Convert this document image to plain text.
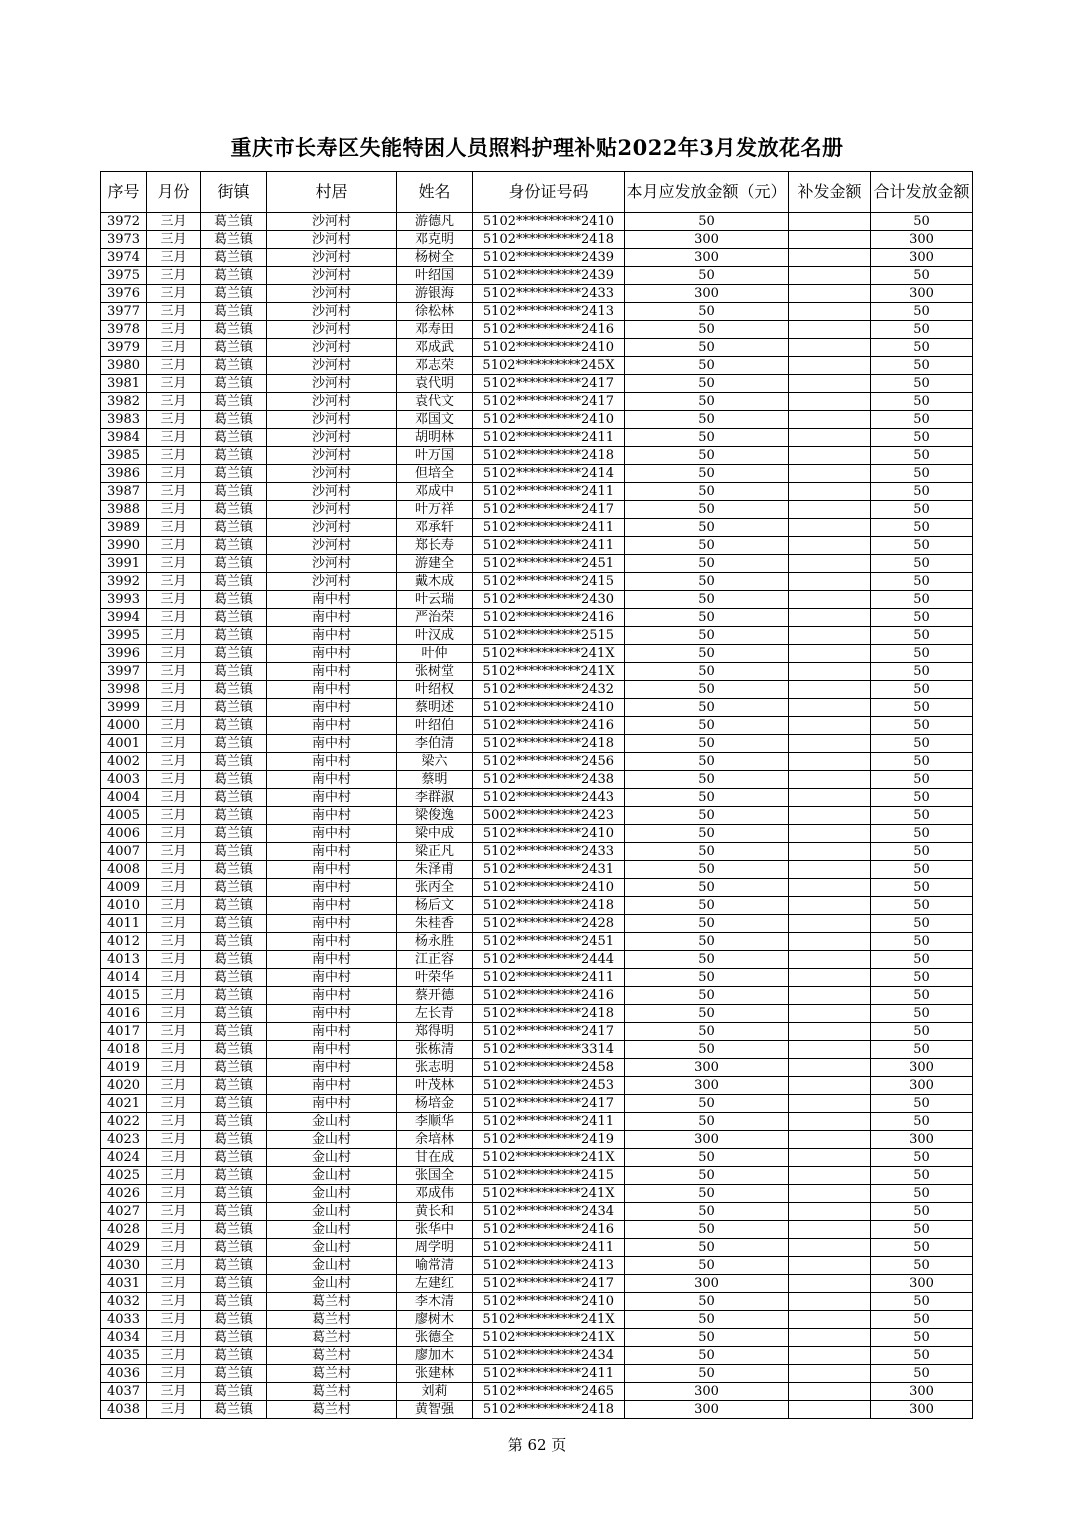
重庆市长寿区失能特困人员照料护理补贴2022年3月发放花名册
序号	月份	街镇	村居	姓名	身份证号码	本月应发放金额（元）	补发金额	合计发放金额
3972	三月	葛兰镇	沙河村	游德凡	5102**********2410	50		50
3973	三月	葛兰镇	沙河村	邓克明	5102**********2418	300		300
3974	三月	葛兰镇	沙河村	杨树全	5102**********2439	300		300
3975	三月	葛兰镇	沙河村	叶绍国	5102**********2439	50		50
3976	三月	葛兰镇	沙河村	游银海	5102**********2433	300		300
3977	三月	葛兰镇	沙河村	徐松林	5102**********2413	50		50
3978	三月	葛兰镇	沙河村	邓寿田	5102**********2416	50		50
3979	三月	葛兰镇	沙河村	邓成武	5102**********2410	50		50
3980	三月	葛兰镇	沙河村	邓志荣	5102**********245X	50		50
3981	三月	葛兰镇	沙河村	袁代明	5102**********2417	50		50
3982	三月	葛兰镇	沙河村	袁代文	5102**********2417	50		50
3983	三月	葛兰镇	沙河村	邓国文	5102**********2410	50		50
3984	三月	葛兰镇	沙河村	胡明林	5102**********2411	50		50
3985	三月	葛兰镇	沙河村	叶万国	5102**********2418	50		50
3986	三月	葛兰镇	沙河村	但培全	5102**********2414	50		50
3987	三月	葛兰镇	沙河村	邓成中	5102**********2411	50		50
3988	三月	葛兰镇	沙河村	叶万祥	5102**********2417	50		50
3989	三月	葛兰镇	沙河村	邓承轩	5102**********2411	50		50
3990	三月	葛兰镇	沙河村	郑长寿	5102**********2411	50		50
3991	三月	葛兰镇	沙河村	游建全	5102**********2451	50		50
3992	三月	葛兰镇	沙河村	戴木成	5102**********2415	50		50
3993	三月	葛兰镇	南中村	叶云瑞	5102**********2430	50		50
3994	三月	葛兰镇	南中村	严治荣	5102**********2416	50		50
3995	三月	葛兰镇	南中村	叶汉成	5102**********2515	50		50
3996	三月	葛兰镇	南中村	叶仲	5102**********241X	50		50
3997	三月	葛兰镇	南中村	张树堂	5102**********241X	50		50
3998	三月	葛兰镇	南中村	叶绍权	5102**********2432	50		50
3999	三月	葛兰镇	南中村	蔡明述	5102**********2410	50		50
4000	三月	葛兰镇	南中村	叶绍伯	5102**********2416	50		50
4001	三月	葛兰镇	南中村	李伯清	5102**********2418	50		50
4002	三月	葛兰镇	南中村	梁六	5102**********2456	50		50
4003	三月	葛兰镇	南中村	蔡明	5102**********2438	50		50
4004	三月	葛兰镇	南中村	李群淑	5102**********2443	50		50
4005	三月	葛兰镇	南中村	梁俊逸	5002**********2423	50		50
4006	三月	葛兰镇	南中村	梁中成	5102**********2410	50		50
4007	三月	葛兰镇	南中村	梁正凡	5102**********2433	50		50
4008	三月	葛兰镇	南中村	朱泽甫	5102**********2431	50		50
4009	三月	葛兰镇	南中村	张丙全	5102**********2410	50		50
4010	三月	葛兰镇	南中村	杨后文	5102**********2418	50		50
4011	三月	葛兰镇	南中村	朱桂香	5102**********2428	50		50
4012	三月	葛兰镇	南中村	杨永胜	5102**********2451	50		50
4013	三月	葛兰镇	南中村	江正容	5102**********2444	50		50
4014	三月	葛兰镇	南中村	叶荣华	5102**********2411	50		50
4015	三月	葛兰镇	南中村	蔡开德	5102**********2416	50		50
4016	三月	葛兰镇	南中村	左长青	5102**********2418	50		50
4017	三月	葛兰镇	南中村	郑得明	5102**********2417	50		50
4018	三月	葛兰镇	南中村	张栋清	5102**********3314	50		50
4019	三月	葛兰镇	南中村	张志明	5102**********2458	300		300
4020	三月	葛兰镇	南中村	叶茂林	5102**********2453	300		300
4021	三月	葛兰镇	南中村	杨培金	5102**********2417	50		50
4022	三月	葛兰镇	金山村	李顺华	5102**********2411	50		50
4023	三月	葛兰镇	金山村	余培林	5102**********2419	300		300
4024	三月	葛兰镇	金山村	甘在成	5102**********241X	50		50
4025	三月	葛兰镇	金山村	张国全	5102**********2415	50		50
4026	三月	葛兰镇	金山村	邓成伟	5102**********241X	50		50
4027	三月	葛兰镇	金山村	黄长和	5102**********2434	50		50
4028	三月	葛兰镇	金山村	张华中	5102**********2416	50		50
4029	三月	葛兰镇	金山村	周学明	5102**********2411	50		50
4030	三月	葛兰镇	金山村	喻常清	5102**********2413	50		50
4031	三月	葛兰镇	金山村	左建红	5102**********2417	300		300
4032	三月	葛兰镇	葛兰村	李木清	5102**********2410	50		50
4033	三月	葛兰镇	葛兰村	廖树木	5102**********241X	50		50
4034	三月	葛兰镇	葛兰村	张德全	5102**********241X	50		50
4035	三月	葛兰镇	葛兰村	廖加木	5102**********2434	50		50
4036	三月	葛兰镇	葛兰村	张建林	5102**********2411	50		50
4037	三月	葛兰镇	葛兰村	刘莉	5102**********2465	300		300
4038	三月	葛兰镇	葛兰村	黄智强	5102**********2418	300		300
第 62 页
